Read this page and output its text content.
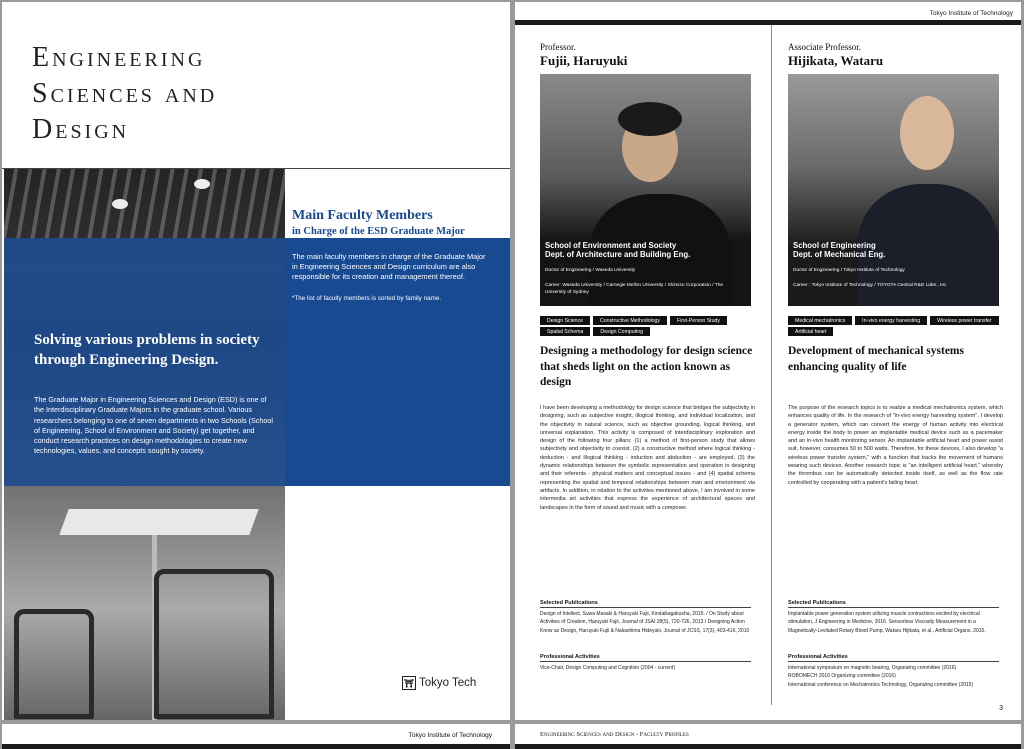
Engineering
Sciences and
Design
Main Faculty Members
in Charge of the ESD Graduate Major
The main faculty members in charge of the Graduate Major in Engineering Sciences and Design curriculum are also responsible for its creation and management thereof.
*The list of faculty members is sorted by family name.
Solving various problems in society through Engineering Design.
The Graduate Major in Engineering Sciences and Design (ESD) is one of the Interdisciplinary Graduate Majors in the graduate school. Various researchers belonging to one of seven departments in two Schools (School of Engineering, School of Environment and Society) get together, and conduct research practices on design methodologies to create new technologies, values, and concepts sought by society.
⛩ Tokyo Tech
Tokyo Institute of Technology
Tokyo Institute of Technology
Professor.
Fujii, Haruyuki
School of Environment and Society
Dept. of Architecture and Building Eng.
Doctor of Engineering / Waseda University
Career: Waseda University / Carnegie Mellon University / Shimizu Corporation / The University of Sydney
Design Science	Constructive Methodology	First-Person Study
Spatial Schema	Design Computing
Designing a methodology for design science that sheds light on the action known as design
I have been developing a methodology for design science that bridges the subjectivity in designing, such as subjective insight, illogical thinking, and individual localization, and the objectivity in natural science, such as objective grounding, logical thinking, and universal explanation. This activity is composed of interdisciplinary exploration and design of the following four pillars; (1) a method of first-person study that allows subjectivity and objectivity to coexist, (2) a constructive method where logical thinking - deduction - and illogical thinking - induction and abduction - are employed, (3) the dynamic relationships between the symbolic representation and operation in designing and their referents - physical matters and conceptual issues - and (4) spatial schema representing the spatial and temporal relationships between man and environment via artifacts. In addition, in relation to the activities mentioned above, I am involved in some intermedia art activities that express the experience of architectural spaces and landscapes in the form of sound and music with a composer.
Selected Publications
Design of Intellect, Suwa Masaki & Haruyuki Fujii, Kindaikagakusha, 2015. / On Study about Activities of Creation, Haruyuki Fujii, Journal of JSAI 28(5), 720-726, 2013 / Designing Action Know as Design, Haruyuki Fujii & Nakashima Hideyuki, Journal of JCSS, 17(3), 403-416, 2010
Professional Activities
Vice-Chair, Design Computing and Cognition (2004 - current)
Associate Professor.
Hijikata, Wataru
School of Engineering
Dept. of Mechanical Eng.
Doctor of Engineering / Tokyo Institute of Technology
Career : Tokyo Institute of Technology / TOYOTA Central R&D Labs., Inc
Medical mechatronics	In-vivo energy harvesting	Wireless power transfer
Artificial heart
Development of mechanical systems enhancing quality of life
The purpose of the research topics is to realize a medical mechatronics system, which enhances quality of life. In the research of "in-vivo energy harvesting system", I develop a generator system, which can convert the energy of human activity into electrical energy inside the body to power an implantable medical device such as a pacemaker and an in-vivo health monitoring sensor. An implantable artificial heart and power assist suit, however, consumes 50 to 500 watts. Therefore, for these devices, I also develop "a wireless power transfer system," with a function that tracks the movement of humans wearing such devices. Another research topic is "an intelligent artificial heart," whereby the thrombus can be automatically detected inside itself, as well as the flow rate controlled by cooperating with a patient's failing heart.
Selected Publications
Implantable power generation system utilizing muscle contractions excited by electrical stimulation, J Engineering in Medicine, 2016. Sensorless Viscosity Measurement in a Magnetically-Levitated Rotary Blood Pump, Wataru Hijikata, et al., Artificial Organs. 2015.
Professional Activities
International symposium on magnetic bearing, Organizing committee (2016)
ROBOMECH 2016 Organizing committee (2016)
International conference on Mechatronics Technology, Organizing committee (2015)
3
Engineering Sciences and Design - Faculty Profiles
